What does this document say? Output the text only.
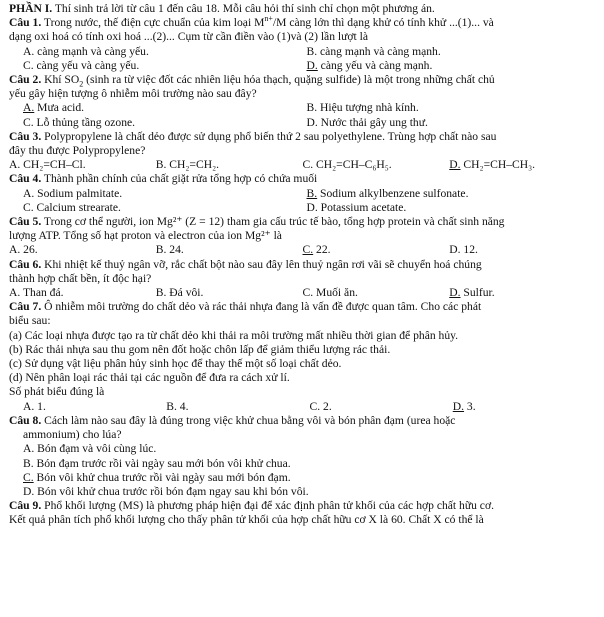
PHẦN I. Thí sinh trả lời từ câu 1 đến câu 18. Mỗi câu hỏi thí sinh chỉ chọn một phương án.

Câu 1. Trong nước, thế điện cực chuẩn của kim loại $M^{n+}/M$ càng lớn thì dạng khử có tính khử ...(1)... và

dạng oxi hoá có tính oxi hoá ...(2)... Cụm từ cần điền vào (1)và (2) lần lượt là

A. càng mạnh và càng yếu.	B. càng mạnh và càng mạnh.
C. càng yếu và càng yếu.	D. càng yếu và càng mạnh.

Câu 2. Khí $SO_2$ (sinh ra từ việc đốt các nhiên liệu hóa thạch, quặng sulfide) là một trong những chất chủ

yếu gây hiện tượng ô nhiễm môi trường nào sau đây?

A. Mưa acid.	B. Hiệu tượng nhà kính.
C. Lỗ thủng tầng ozone.	D. Nước thải gây ung thư.

Câu 3. Polypropylene là chất dẻo được sử dụng phổ biến thứ 2 sau polyethylene. Trùng hợp chất nào sau

đây thu được Polypropylene?

A. CH₂=CH–Cl.	B. CH₂=CH₂.	C. CH₂=CH–C₆H₅.	D. CH₂=CH–CH₃.

Câu 4. Thành phần chính của chất giặt rửa tổng hợp có chứa muối

A. Sodium palmitate.	B. Sodium alkylbenzene sulfonate.
C. Calcium strearate.	D. Potassium acetate.

Câu 5. Trong cơ thể người, ion Mg²⁺ (Z = 12) tham gia cấu trúc tế bào, tổng hợp protein và chất sinh năng

lượng ATP. Tổng số hạt proton và electron của ion Mg²⁺ là

A. 26.	B. 24.	C. 22.	D. 12.

Câu 6. Khi nhiệt kế thuỷ ngân vỡ, rắc chất bột nào sau đây lên thuỷ ngân rơi vãi sẽ chuyển hoá chúng

thành hợp chất bền, ít độc hại?

A. Than đá.	B. Đá vôi.	C. Muối ăn.	D. Sulfur.

Câu 7. Ô nhiễm môi trường do chất dẻo và rác thải nhựa đang là vấn đề được quan tâm. Cho các phát

biểu sau:

(a) Các loại nhựa được tạo ra từ chất dẻo khi thải ra môi trường mất nhiều thời gian để phân hủy.

(b) Rác thải nhựa sau thu gom nên đốt hoặc chôn lấp để giảm thiểu lượng rác thải.

(c) Sử dụng vật liệu phân hủy sinh học để thay thế một số loại chất dẻo.

(d) Nên phân loại rác thải tại các nguồn để đưa ra cách xử lí.

Số phát biểu đúng là

A. 1.	B. 4.	C. 2.	D. 3.

Câu 8. Cách làm nào sau đây là đúng trong việc khử chua bằng vôi và bón phân đạm (urea hoặc

ammonium) cho lúa?

A. Bón đạm và vôi cùng lúc.

B. Bón đạm trước rồi vài ngày sau mới bón vôi khử chua.

C. Bón vôi khử chua trước rồi vài ngày sau mới bón đạm.

D. Bón vôi khử chua trước rồi bón đạm ngay sau khi bón vôi.

Câu 9. Phổ khối lượng (MS) là phương pháp hiện đại để xác định phân tử khối của các hợp chất hữu cơ.

Kết quả phân tích phổ khối lượng cho thấy phân tử khối của hợp chất hữu cơ X là 60. Chất X có thể là
